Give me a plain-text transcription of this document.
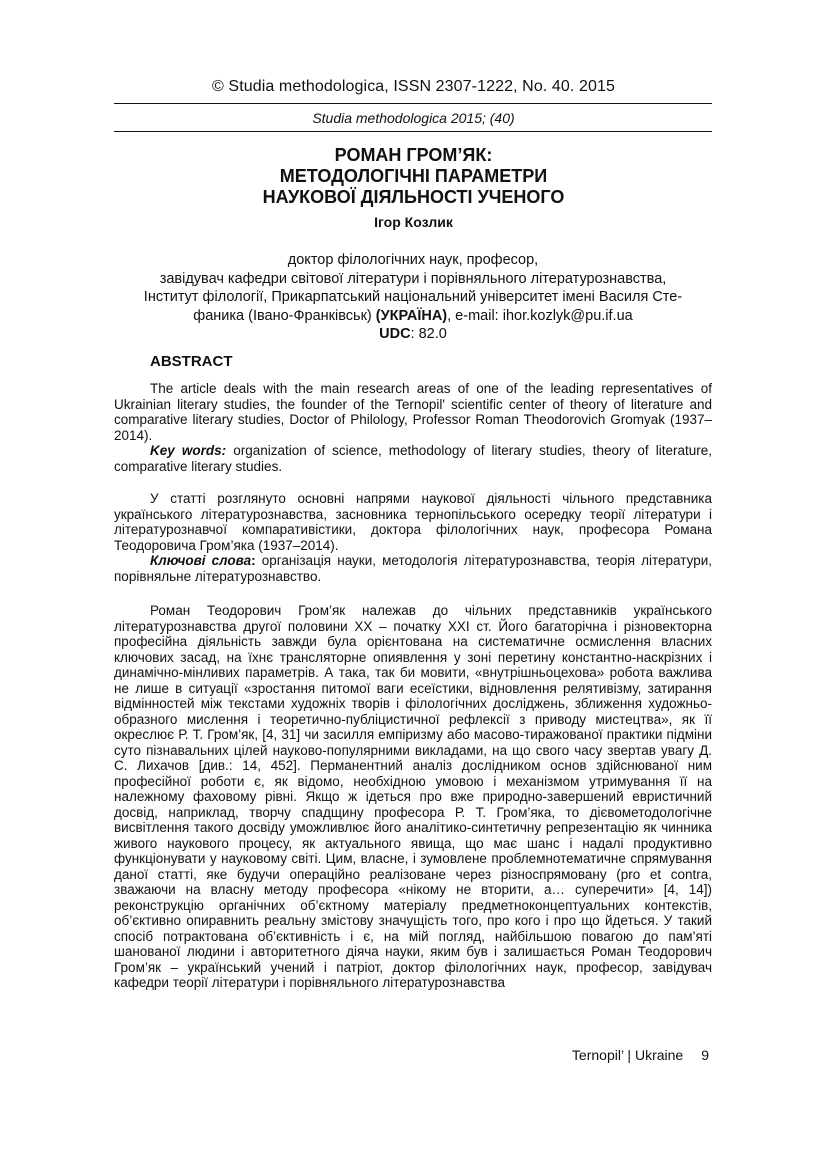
© Studia methodologica, ISSN 2307-1222, No. 40. 2015
Studia methodologica 2015; (40)
РОМАН ГРОМ’ЯК:
МЕТОДОЛОГІЧНІ ПАРАМЕТРИ
НАУКОВОЇ ДІЯЛЬНОСТІ УЧЕНОГО
Ігор Козлик
доктор філологічних наук, професор,
завідувач кафедри світової літератури і порівняльного літературознавства,
Інститут філології, Прикарпатський національний університет імені Василя Сте-
фаника (Івано-Франківськ) (УКРАЇНА), e-mail: ihor.kozlyk@pu.if.ua
UDC: 82.0
ABSTRACT

The article deals with the main research areas of one of the leading representatives of Ukrainian literary studies, the founder of the Ternopil' scientific center of theory of literature and comparative literary studies, Doctor of Philology, Professor Roman Theodorovich Gromyak (1937–2014).

Key words: organization of science, methodology of literary studies, theory of literature, comparative literary studies.

У статті розглянуто основні напрями наукової діяльності чільного представника українського літературознавства, засновника тернопільського осередку теорії літератури і літературознавчої компаративістики, доктора філологічних наук, професора Романа Теодоровича Гром’яка (1937–2014).

Ключові слова: організація науки, методологія літературознавства, теорія літератури, порівняльне літературознавство.

Роман Теодорович Гром’як належав до чільних представників українського літературознавства другої половини ХХ – початку ХХІ ст. Його багаторічна і різновекторна професійна діяльність завжди була орієнтована на систематичне осмислення власних ключових засад, на їхнє трансляторне опиявлення у зоні перетину константно-наскрізних і динамічно-мінливих параметрів. А така, так би мовити, «внутрішньоцехова» робота важлива не лише в ситуації «зростання питомої ваги есеїстики, відновлення релятивізму, затирання відмінностей між текстами художніх творів і філологічних досліджень, зближення художньо-образного мислення і теоретично-публіцистичної рефлексії з приводу мистецтва», як її окреслює Р. Т. Гром’як, [4, 31] чи засилля емпіризму або масово-тиражованої практики підміни суто пізнавальних цілей науково-популярними викладами, на що свого часу звертав увагу Д. С. Лихачов [див.: 14, 452]. Перманентний аналіз дослідником основ здійснюваної ним професійної роботи є, як відомо, необхідною умовою і механізмом утримування її на належному фаховому рівні. Якщо ж ідеться про вже природно-завершений евристичний досвід, наприклад, творчу спадщину професора Р. Т. Гром’яка, то дієвометодологічне висвітлення такого досвіду уможливлює його аналітико-синтетичну репрезентацію як чинника живого наукового процесу, як актуального явища, що має шанс і надалі продуктивно функціонувати у науковому світі. Цим, власне, і зумовлене проблемнотематичне спрямування даної статті, яке будучи операційно реалізоване через різноспрямовану (pro et contra, зважаючи на власну методу професора «нікому не вторити, а… суперечити» [4, 14]) реконструкцію органічних об’єктному матеріалу предметноконцептуальних контекстів, об’єктивно опиравнить реальну змістову значущість того, про кого і про що йдеться. У такий спосіб потрактована об’єктивність і є, на мій погляд, найбільшою повагою до пам’яті шанованої людини і авторитетного діяча науки, яким був і залишається Роман Теодорович Гром’як – український учений і патріот, доктор філологічних наук, професор, завідувач кафедри теорії літератури і порівняльного літературознавства

Ternopil’ | Ukraine 9
